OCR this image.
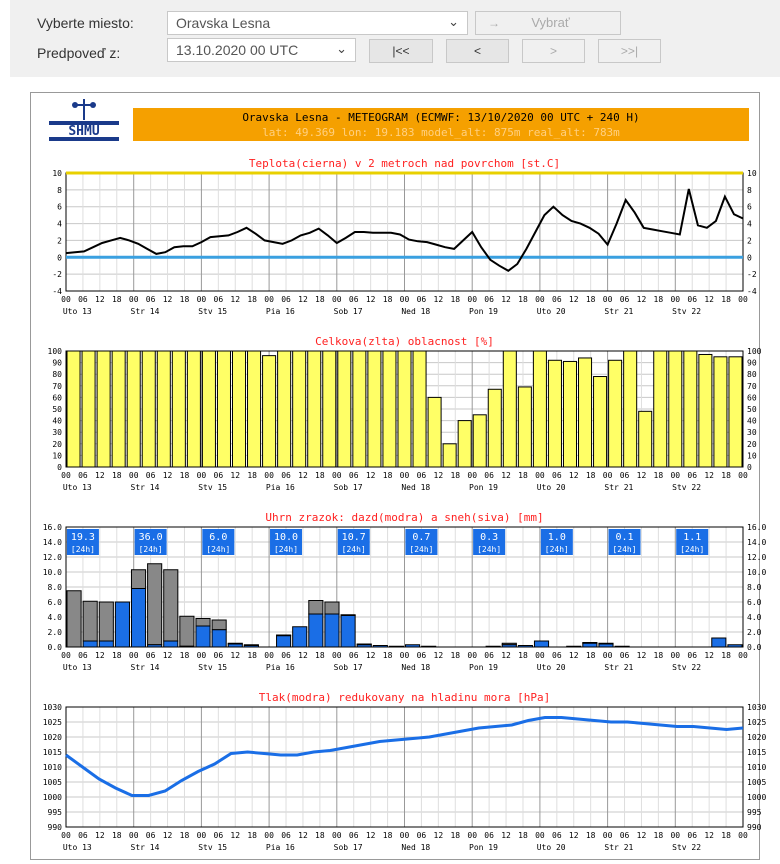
Vyberte miesto:	Oravska Lesna	⌄	→ Vybrať
Predpoveď z:	13.10.2020 00 UTC	⌄	|<<	<	>	>>|
SHMU
Oravska Lesna - METEOGRAM (ECMWF: 13/10/2020 00 UTC + 240 H)
lat: 49.369 lon: 19.183 model_alt: 875m real_alt: 783m
Teplota(cierna) v 2 metroch nad povrchom [st.C]
-4	-4
-2	-2
0	0
2	2
4	4
6	6
8	8
10	10
00 06 12 18 00 06 12 18 00 06 12 18 00 06 12 18 00 06 12 18 00 06 12 18 00 06 12 18 00 06 12 18 00 06 12 18 00 06 12 18 00
Uto 13	Str 14	Stv 15	Pia 16	Sob 17	Ned 18	Pon 19	Uto 20	Str 21	Stv 22
Celkova(zlta) oblacnost [%]
0	0
10	10
20	20
30	30
40	40
50	50
60	60
70	70
80	80
90	90
100	100
00 06 12 18 00 06 12 18 00 06 12 18 00 06 12 18 00 06 12 18 00 06 12 18 00 06 12 18 00 06 12 18 00 06 12 18 00 06 12 18 00
Uto 13	Str 14	Stv 15	Pia 16	Sob 17	Ned 18	Pon 19	Uto 20	Str 21	Stv 22
Uhrn zrazok: dazd(modra) a sneh(siva) [mm]
0.0	0.0
2.0	2.0
4.0	4.0
6.0	6.0
8.0	8.0
10.0	10.0
12.0	12.0
14.0	14.0
16.0	16.0
00 06 12 18 00 06 12 18 00 06 12 18 00 06 12 18 00 06 12 18 00 06 12 18 00 06 12 18 00 06 12 18 00 06 12 18 00 06 12 18 00
Uto 13	Str 14	Stv 15	Pia 16	Sob 17	Ned 18	Pon 19	Uto 20	Str 21	Stv 22
19.3
[24h]
36.0
[24h]
6.0
[24h]
10.0
[24h]
10.7
[24h]
0.7
[24h]
0.3
[24h]
1.0
[24h]
0.1
[24h]
1.1
[24h]
Tlak(modra) redukovany na hladinu mora [hPa]
990	990
995	995
1000	1000
1005	1005
1010	1010
1015	1015
1020	1020
1025	1025
1030	1030
00 06 12 18 00 06 12 18 00 06 12 18 00 06 12 18 00 06 12 18 00 06 12 18 00 06 12 18 00 06 12 18 00 06 12 18 00 06 12 18 00
Uto 13	Str 14	Stv 15	Pia 16	Sob 17	Ned 18	Pon 19	Uto 20	Str 21	Stv 22
